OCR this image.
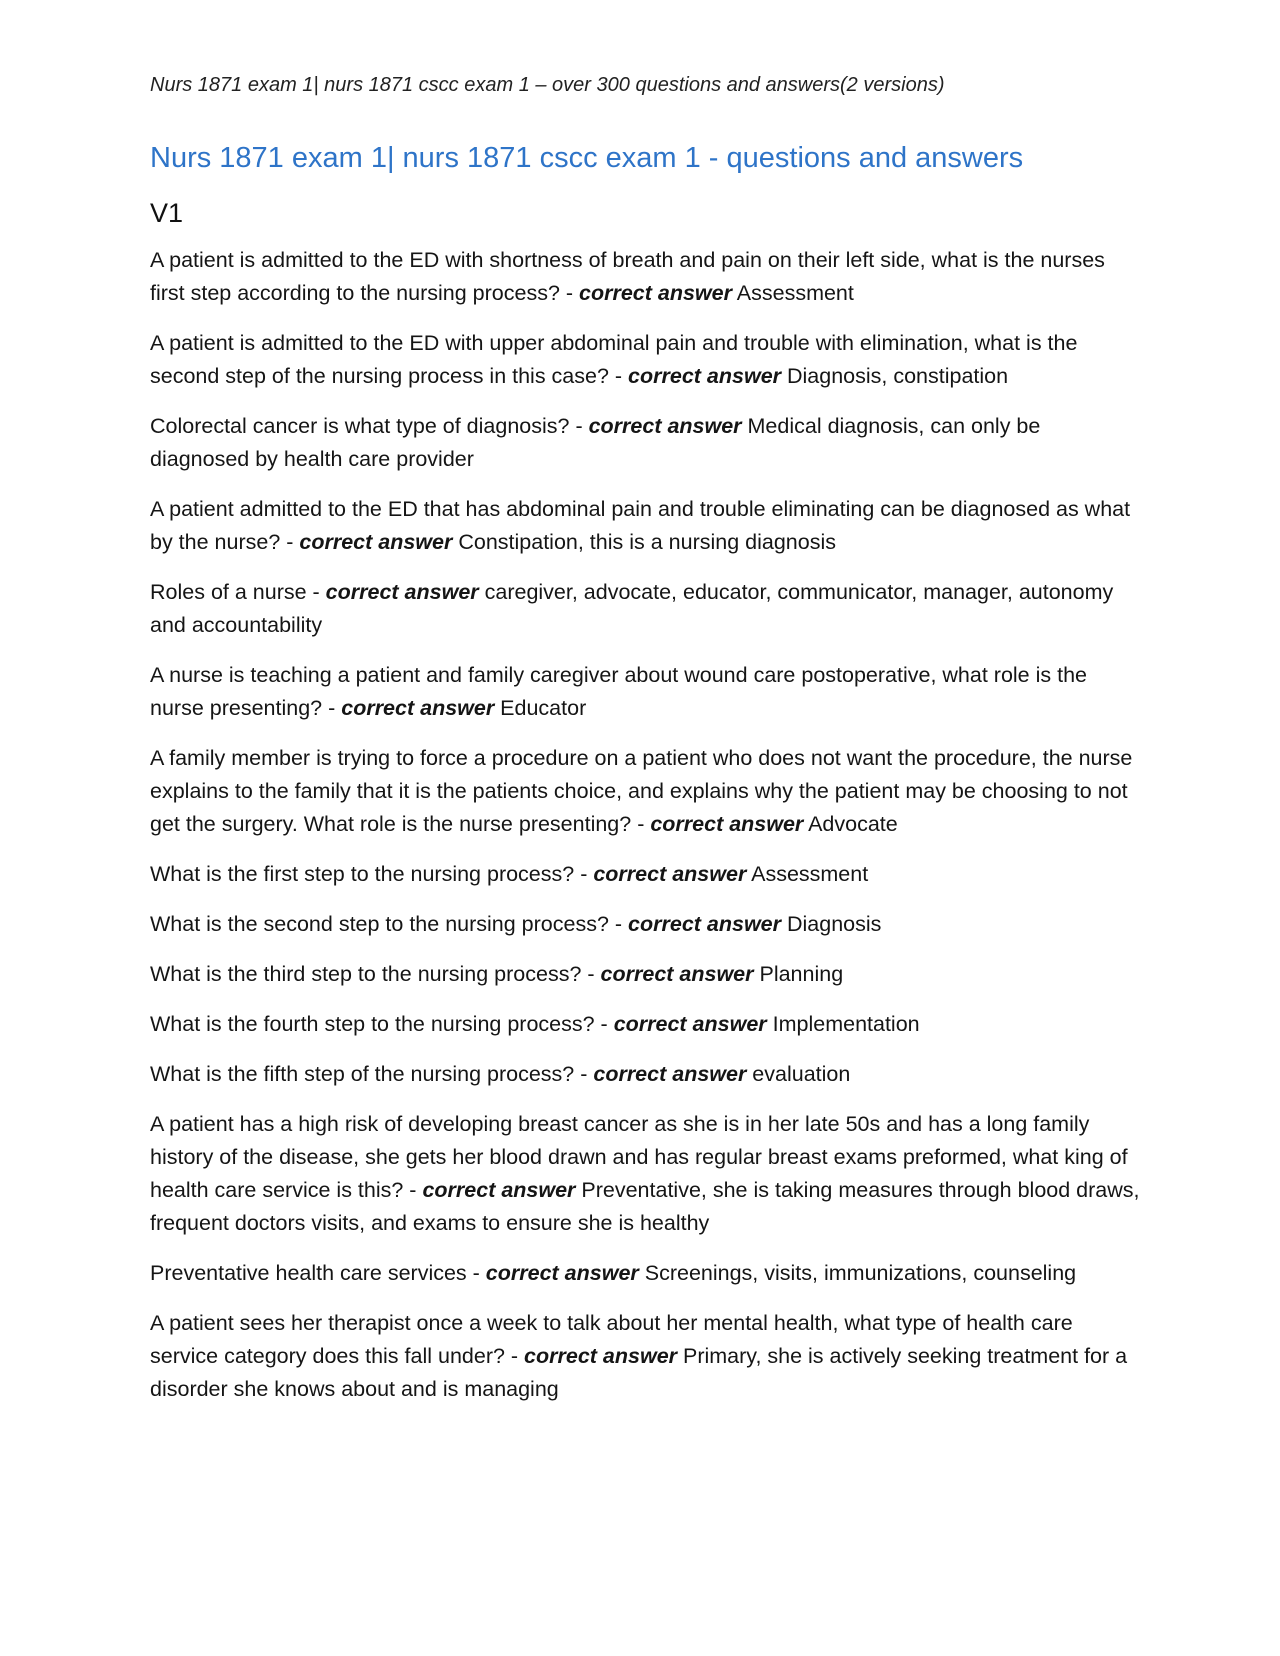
Nurs 1871 exam 1| nurs 1871 cscc exam 1 – over 300 questions and answers(2 versions)

Nurs 1871 exam 1| nurs 1871 cscc exam 1 - questions and answers
V1
A patient is admitted to the ED with shortness of breath and pain on their left side, what is the nurses first step according to the nursing process? - correct answer Assessment
A patient is admitted to the ED with upper abdominal pain and trouble with elimination, what is the second step of the nursing process in this case? - correct answer Diagnosis, constipation
Colorectal cancer is what type of diagnosis? - correct answer Medical diagnosis, can only be diagnosed by health care provider
A patient admitted to the ED that has abdominal pain and trouble eliminating can be diagnosed as what by the nurse? - correct answer Constipation, this is a nursing diagnosis
Roles of a nurse - correct answer caregiver, advocate, educator, communicator, manager, autonomy and accountability
A nurse is teaching a patient and family caregiver about wound care postoperative, what role is the nurse presenting? - correct answer Educator
A family member is trying to force a procedure on a patient who does not want the procedure, the nurse explains to the family that it is the patients choice, and explains why the patient may be choosing to not get the surgery. What role is the nurse presenting? - correct answer Advocate
What is the first step to the nursing process? - correct answer Assessment
What is the second step to the nursing process? - correct answer Diagnosis
What is the third step to the nursing process? - correct answer Planning
What is the fourth step to the nursing process? - correct answer Implementation
What is the fifth step of the nursing process? - correct answer evaluation
A patient has a high risk of developing breast cancer as she is in her late 50s and has a long family history of the disease, she gets her blood drawn and has regular breast exams preformed, what king of health care service is this? - correct answer Preventative, she is taking measures through blood draws, frequent doctors visits, and exams to ensure she is healthy
Preventative health care services - correct answer Screenings, visits, immunizations, counseling
A patient sees her therapist once a week to talk about her mental health, what type of health care service category does this fall under? - correct answer Primary, she is actively seeking treatment for a disorder she knows about and is managing
